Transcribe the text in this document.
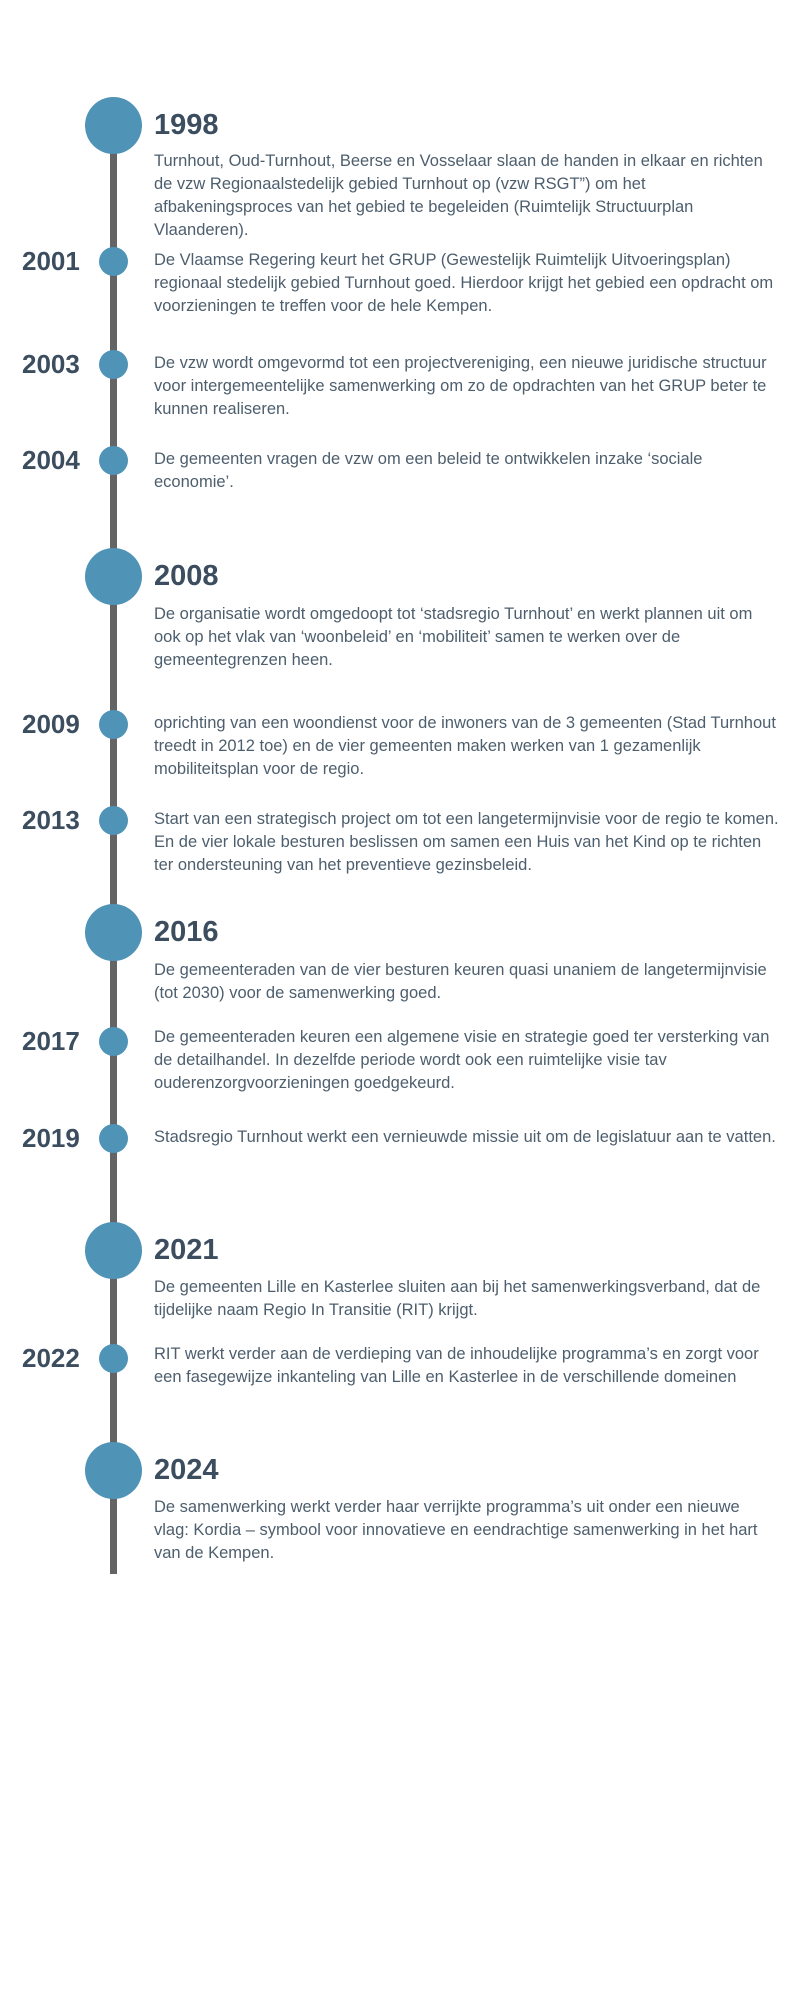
1998
Turnhout, Oud-Turnhout, Beerse en Vosselaar slaan de handen in elkaar en richten de vzw Regionaalstedelijk gebied Turnhout op (vzw RSGT”) om het afbakeningsproces van het gebied te begeleiden (Ruimtelijk Structuurplan Vlaanderen).
2001	De Vlaamse Regering keurt het GRUP (Gewestelijk Ruimtelijk Uitvoeringsplan) regionaal stedelijk gebied Turnhout goed. Hierdoor krijgt het gebied een opdracht om voorzieningen te treffen voor de hele Kempen.
2003	De vzw wordt omgevormd tot een projectvereniging, een nieuwe juridische structuur voor intergemeentelijke samenwerking om zo de opdrachten van het GRUP beter te kunnen realiseren.
2004	De gemeenten vragen de vzw om een beleid te ontwikkelen inzake ‘sociale economie’.
2008
De organisatie wordt omgedoopt tot ‘stadsregio Turnhout’ en werkt plannen uit om ook op het vlak van ‘woonbeleid’ en ‘mobiliteit’ samen te werken over de gemeentegrenzen heen.
2009	oprichting van een woondienst voor de inwoners van de 3 gemeenten (Stad Turnhout treedt in 2012 toe) en de vier gemeenten maken werken van 1 gezamenlijk mobiliteitsplan voor de regio.
2013	Start van een strategisch project om tot een langetermijnvisie voor de regio te komen. En de vier lokale besturen beslissen om samen een Huis van het Kind op te richten ter ondersteuning van het preventieve gezinsbeleid.
2016
De gemeenteraden van de vier besturen keuren quasi unaniem de langetermijnvisie (tot 2030) voor de samenwerking goed.
2017	De gemeenteraden keuren een algemene visie en strategie goed ter versterking van de detailhandel. In dezelfde periode wordt ook een ruimtelijke visie tav ouderenzorgvoorzieningen goedgekeurd.
2019	Stadsregio Turnhout werkt een vernieuwde missie uit om de legislatuur aan te vatten.
2021
De gemeenten Lille en Kasterlee sluiten aan bij het samenwerkingsverband, dat de tijdelijke naam Regio In Transitie (RIT) krijgt.
2022	RIT werkt verder aan de verdieping van de inhoudelijke programma’s en zorgt voor een fasegewijze inkanteling van Lille en Kasterlee in de verschillende domeinen
2024
De samenwerking werkt verder haar verrijkte programma’s uit onder een nieuwe vlag: Kordia – symbool voor innovatieve en eendrachtige samenwerking in het hart van de Kempen.
